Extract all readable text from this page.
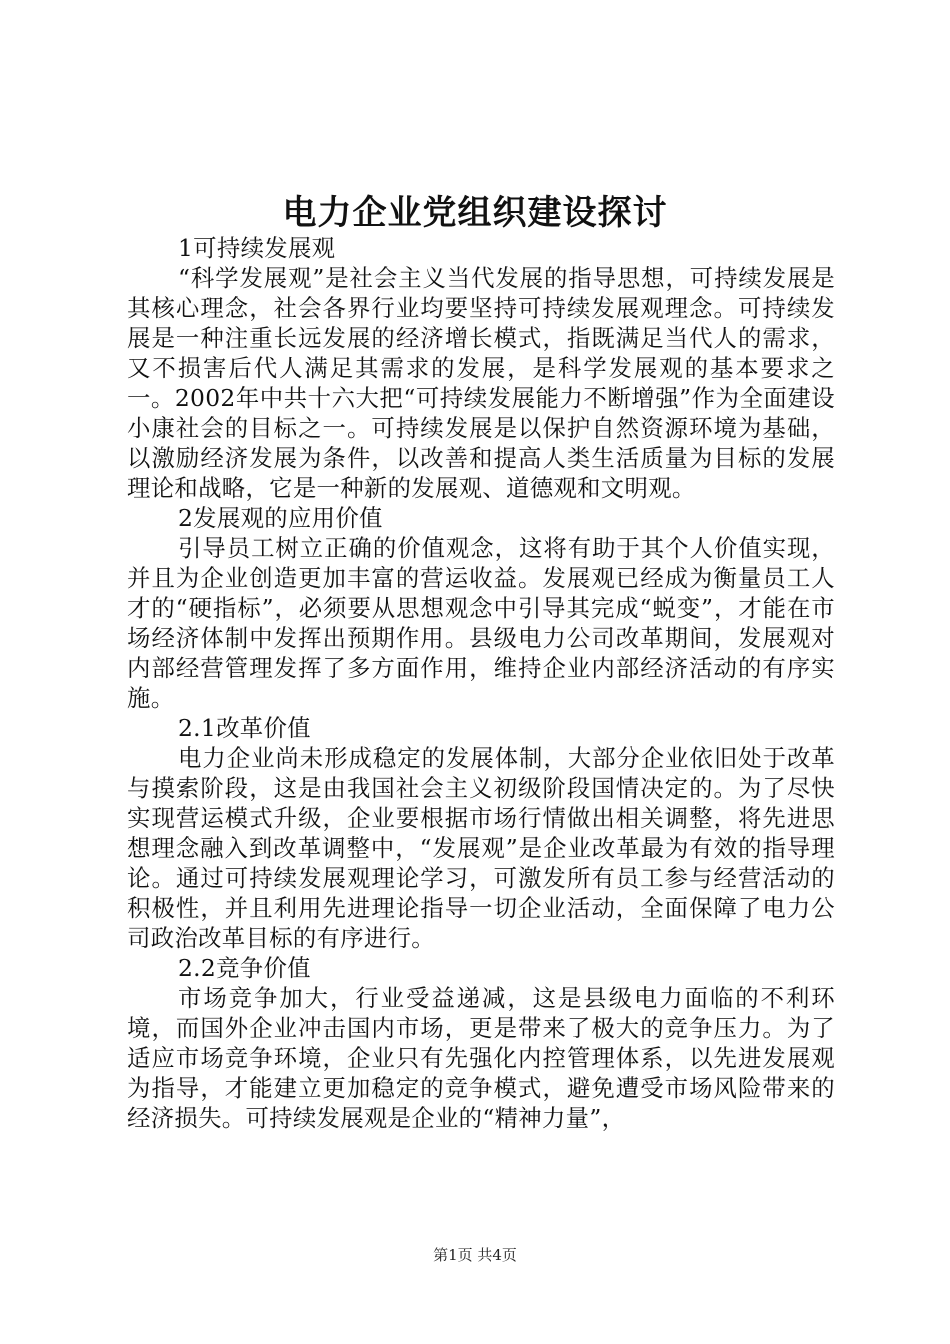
电力企业党组织建设探讨

1可持续发展观

“科学发展观”是社会主义当代发展的指导思想，可持续发展是其核心理念，社会各界行业均要坚持可持续发展观理念。可持续发展是一种注重长远发展的经济增长模式，指既满足当代人的需求，又不损害后代人满足其需求的发展，是科学发展观的基本要求之一。2002年中共十六大把“可持续发展能力不断增强”作为全面建设小康社会的目标之一。可持续发展是以保护自然资源环境为基础，以激励经济发展为条件，以改善和提高人类生活质量为目标的发展理论和战略，它是一种新的发展观、道德观和文明观。

2发展观的应用价值

引导员工树立正确的价值观念，这将有助于其个人价值实现，并且为企业创造更加丰富的营运收益。发展观已经成为衡量员工人才的“硬指标”，必须要从思想观念中引导其完成“蜕变”，才能在市场经济体制中发挥出预期作用。县级电力公司改革期间，发展观对内部经营管理发挥了多方面作用，维持企业内部经济活动的有序实施。

2.1改革价值

电力企业尚未形成稳定的发展体制，大部分企业依旧处于改革与摸索阶段，这是由我国社会主义初级阶段国情决定的。为了尽快实现营运模式升级，企业要根据市场行情做出相关调整，将先进思想理念融入到改革调整中，“发展观”是企业改革最为有效的指导理论。通过可持续发展观理论学习，可激发所有员工参与经营活动的积极性，并且利用先进理论指导一切企业活动，全面保障了电力公司政治改革目标的有序进行。

2.2竞争价值

市场竞争加大，行业受益递减，这是县级电力面临的不利环境，而国外企业冲击国内市场，更是带来了极大的竞争压力。为了适应市场竞争环境，企业只有先强化内控管理体系，以先进发展观为指导，才能建立更加稳定的竞争模式，避免遭受市场风险带来的经济损失。可持续发展观是企业的“精神力量”，

第1页 共4页
